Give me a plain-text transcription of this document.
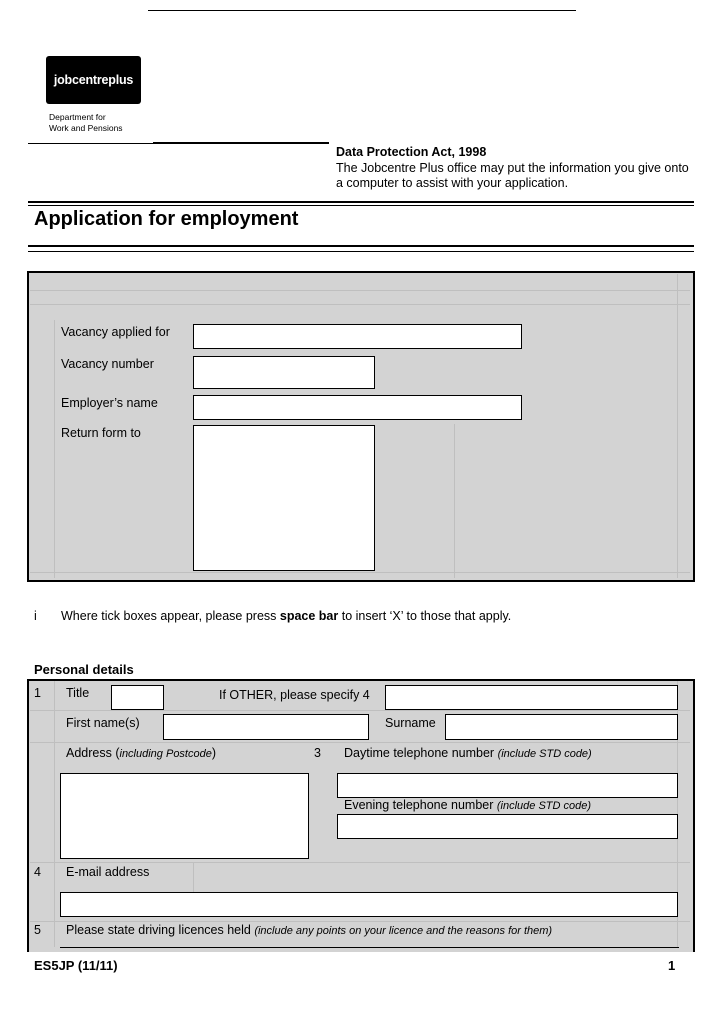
jobcentreplus
Department for
Work and Pensions
Data Protection Act, 1998
The Jobcentre Plus office may put the information you give onto a computer to assist with your application.
Application for employment
Vacancy applied for
Vacancy number
Employer’s name
Return form to
i Where tick boxes appear, please press space bar to insert ‘X’ to those that apply.
Personal details
1 Title	If OTHER, please specify 4
First name(s)	Surname
Address (including Postcode)	3 Daytime telephone number (include STD code)
Evening telephone number (include STD code)
4 E-mail address
5 Please state driving licences held (include any points on your licence and the reasons for them)
ES5JP (11/11)	1
